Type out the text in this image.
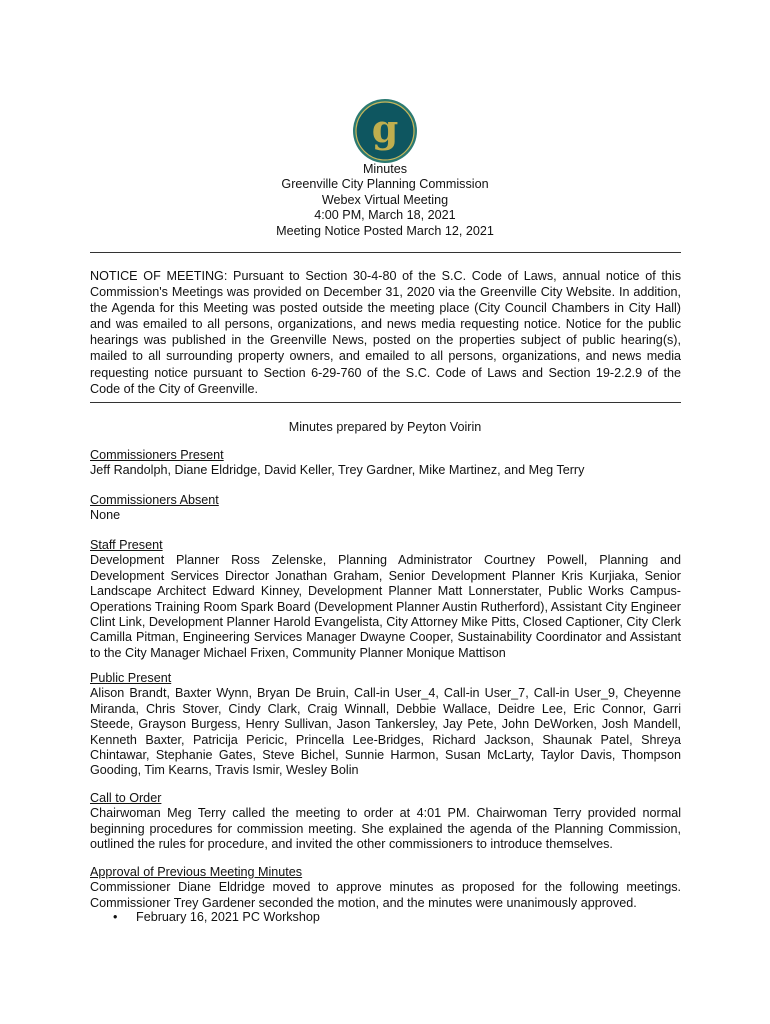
g
Minutes
Greenville City Planning Commission
Webex Virtual Meeting
4:00 PM, March 18, 2021
Meeting Notice Posted March 12, 2021
NOTICE OF MEETING: Pursuant to Section 30-4-80 of the S.C. Code of Laws, annual notice of this Commission's Meetings was provided on December 31, 2020 via the Greenville City Website. In addition, the Agenda for this Meeting was posted outside the meeting place (City Council Chambers in City Hall) and was emailed to all persons, organizations, and news media requesting notice. Notice for the public hearings was published in the Greenville News, posted on the properties subject of public hearing(s), mailed to all surrounding property owners, and emailed to all persons, organizations, and news media requesting notice pursuant to Section 6-29-760 of the S.C. Code of Laws and Section 19-2.2.9 of the Code of the City of Greenville.
Minutes prepared by Peyton Voirin
Commissioners Present
Jeff Randolph, Diane Eldridge, David Keller, Trey Gardner, Mike Martinez, and Meg Terry
Commissioners Absent
None
Staff Present
Development Planner Ross Zelenske, Planning Administrator Courtney Powell, Planning and Development Services Director Jonathan Graham, Senior Development Planner Kris Kurjiaka, Senior Landscape Architect Edward Kinney, Development Planner Matt Lonnerstater, Public Works Campus- Operations Training Room Spark Board (Development Planner Austin Rutherford), Assistant City Engineer Clint Link, Development Planner Harold Evangelista, City Attorney Mike Pitts, Closed Captioner, City Clerk Camilla Pitman, Engineering Services Manager Dwayne Cooper, Sustainability Coordinator and Assistant to the City Manager Michael Frixen, Community Planner Monique Mattison
Public Present
Alison Brandt, Baxter Wynn, Bryan De Bruin, Call-in User_4, Call-in User_7, Call-in User_9, Cheyenne Miranda, Chris Stover, Cindy Clark, Craig Winnall, Debbie Wallace, Deidre Lee, Eric Connor, Garri Steede, Grayson Burgess, Henry Sullivan, Jason Tankersley, Jay Pete, John DeWorken, Josh Mandell, Kenneth Baxter, Patricija Pericic, Princella Lee-Bridges, Richard Jackson, Shaunak Patel, Shreya Chintawar, Stephanie Gates, Steve Bichel, Sunnie Harmon, Susan McLarty, Taylor Davis, Thompson Gooding, Tim Kearns, Travis Ismir, Wesley Bolin
Call to Order
Chairwoman Meg Terry called the meeting to order at 4:01 PM. Chairwoman Terry provided normal beginning procedures for commission meeting. She explained the agenda of the Planning Commission, outlined the rules for procedure, and invited the other commissioners to introduce themselves.
Approval of Previous Meeting Minutes
Commissioner Diane Eldridge moved to approve minutes as proposed for the following meetings. Commissioner Trey Gardener seconded the motion, and the minutes were unanimously approved.
• February 16, 2021 PC Workshop
